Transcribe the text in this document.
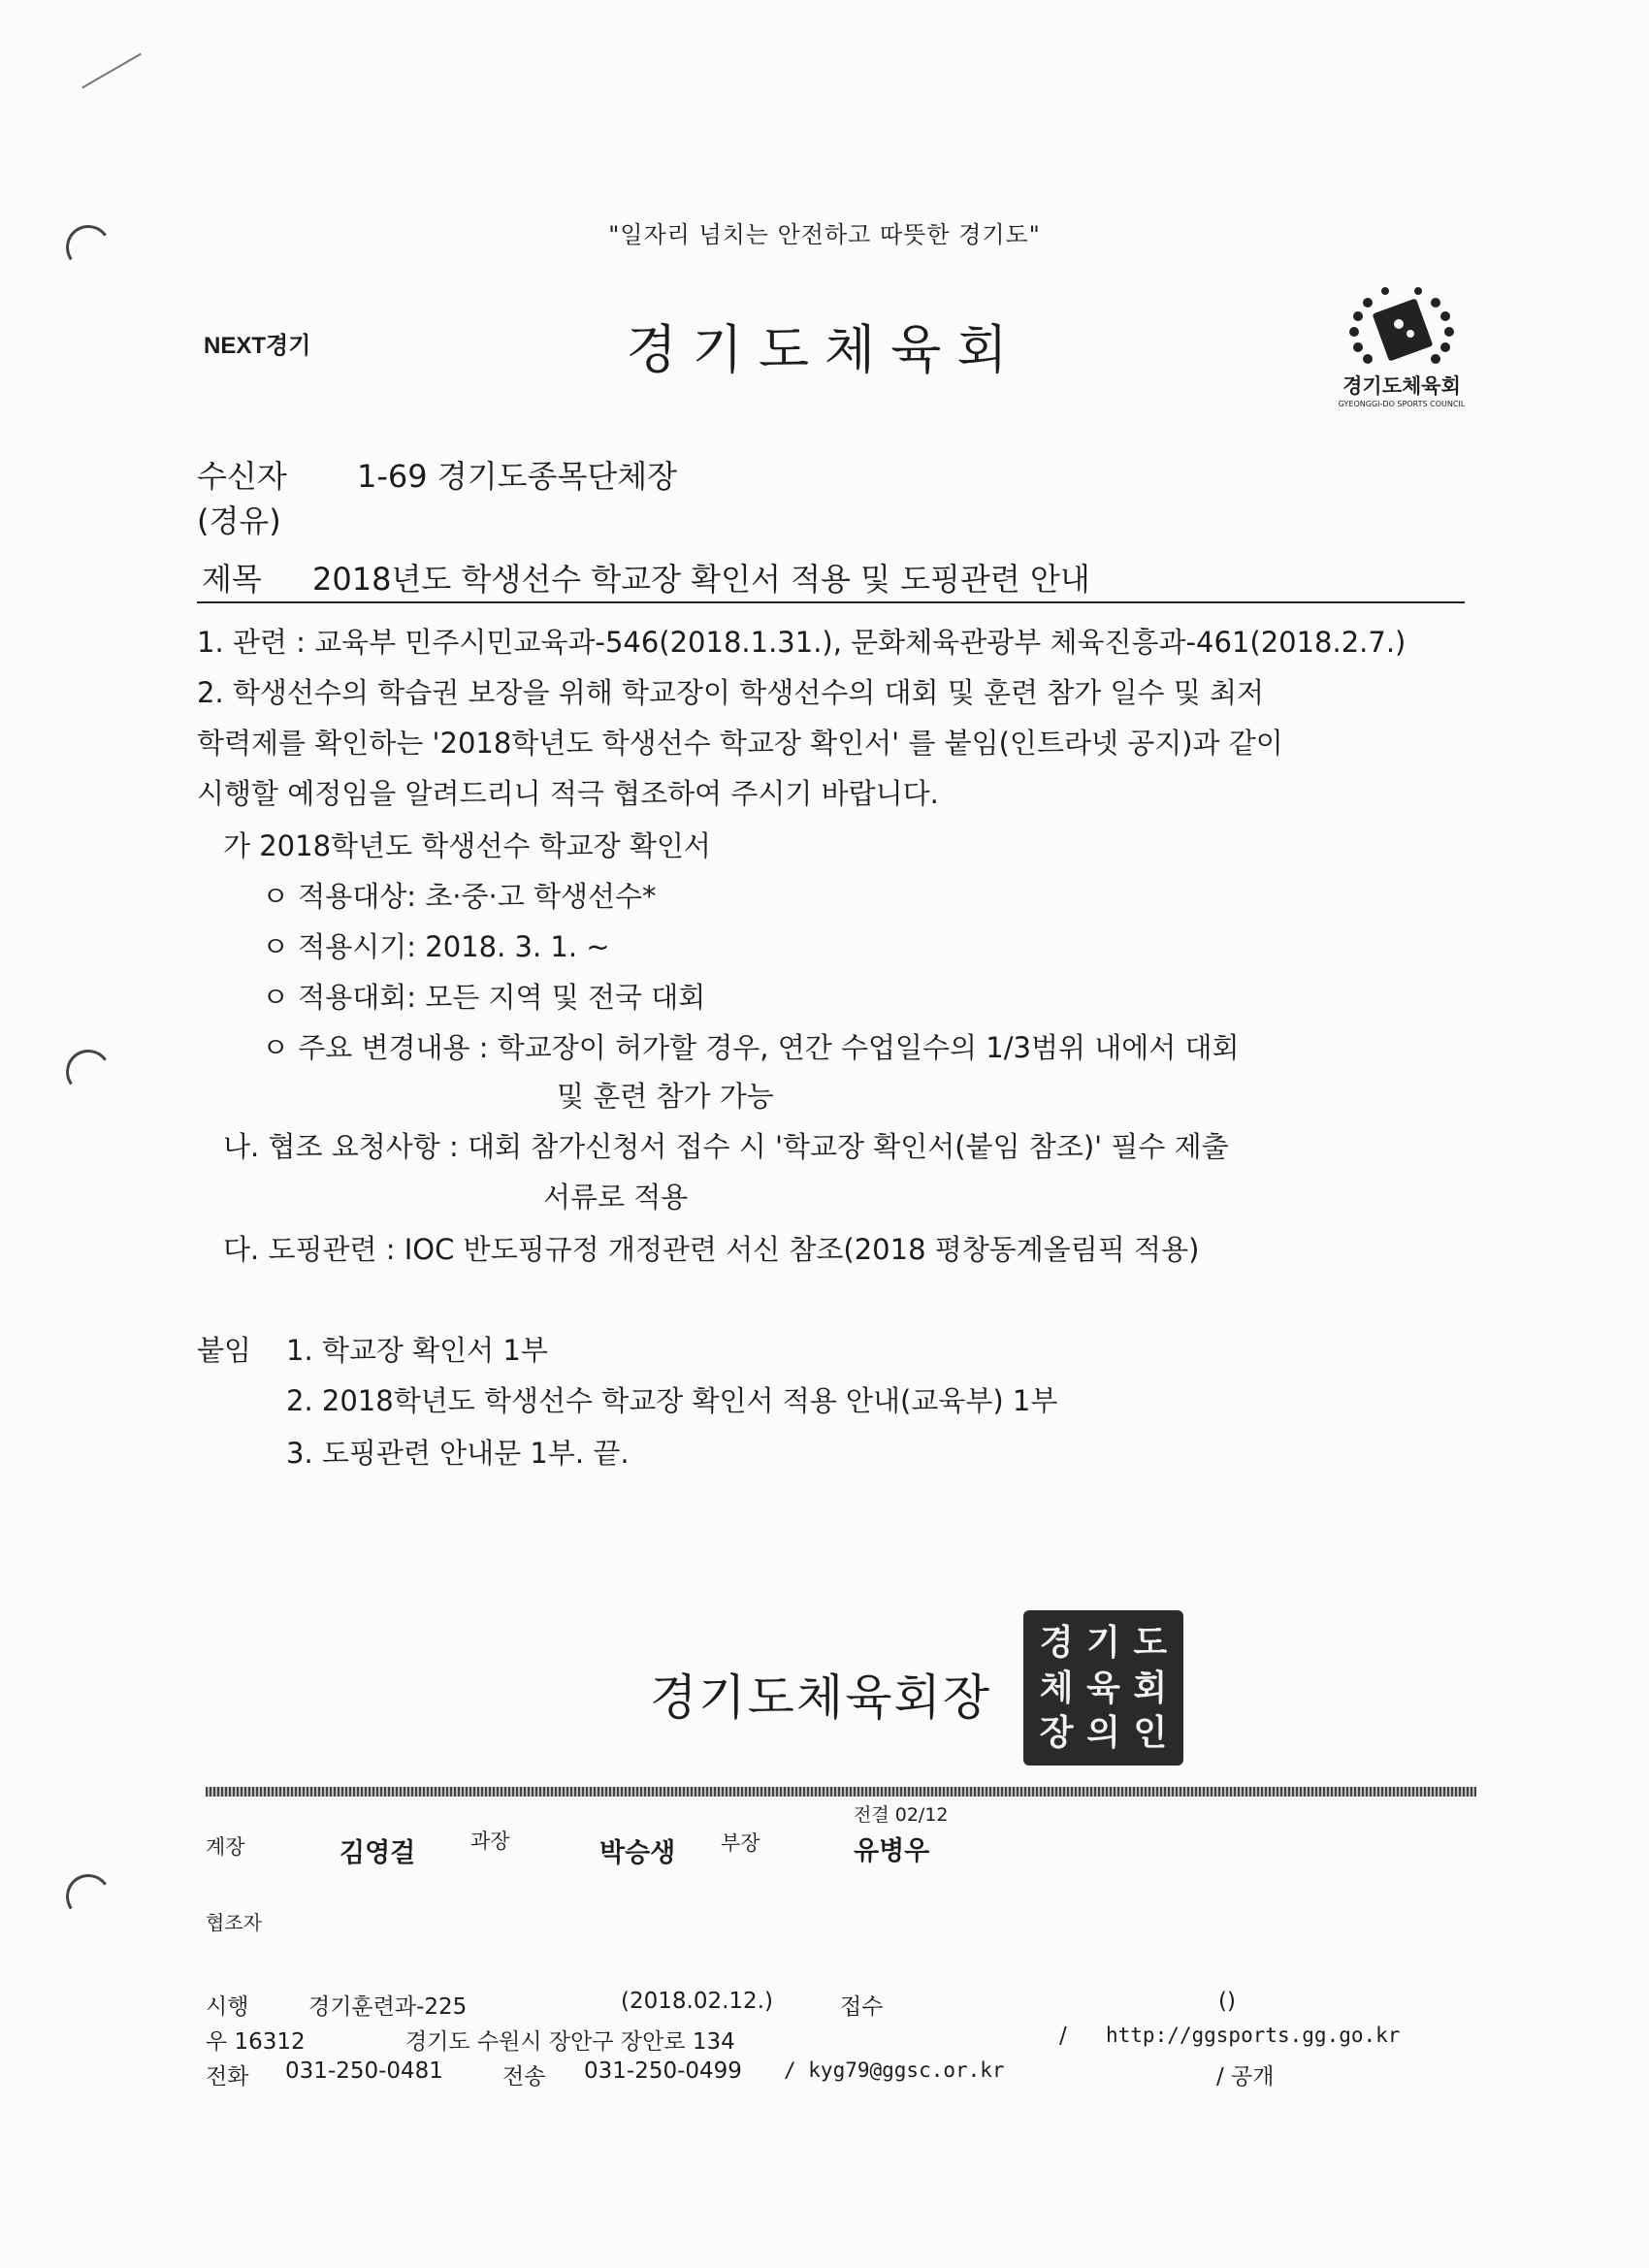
"일자리 넘치는 안전하고 따뜻한 경기도"
NEXT경기	경기도체육회
경기도체육회
GYEONGGI-DO SPORTS COUNCIL
수신자 1-69 경기도종목단체장
(경유)
제목 2018년도 학생선수 학교장 확인서 적용 및 도핑관련 안내
1. 관련 : 교육부 민주시민교육과-546(2018.1.31.), 문화체육관광부 체육진흥과-461(2018.2.7.)
2. 학생선수의 학습권 보장을 위해 학교장이 학생선수의 대회 및 훈련 참가 일수 및 최저
학력제를 확인하는 '2018학년도 학생선수 학교장 확인서' 를 붙임(인트라넷 공지)과 같이
시행할 예정임을 알려드리니 적극 협조하여 주시기 바랍니다.
가 2018학년도 학생선수 학교장 확인서
ㅇ 적용대상: 초·중·고 학생선수*
ㅇ 적용시기: 2018. 3. 1. ~
ㅇ 적용대회: 모든 지역 및 전국 대회
ㅇ 주요 변경내용 : 학교장이 허가할 경우, 연간 수업일수의 1/3범위 내에서 대회
및 훈련 참가 가능
나. 협조 요청사항 : 대회 참가신청서 접수 시 '학교장 확인서(붙임 참조)' 필수 제출
서류로 적용
다. 도핑관련 : IOC 반도핑규정 개정관련 서신 참조(2018 평창동계올림픽 적용)
붙임 1. 학교장 확인서 1부
2. 2018학년도 학생선수 학교장 확인서 적용 안내(교육부) 1부
3. 도핑관련 안내문 1부. 끝.
경기도체육회장
경 기 도
체 육 회
장 의 인
전결 02/12
계장	김영걸	과장	박승생 부장	유병우
협조자
시행	경기훈련과-225	(2018.02.12.)	접수	()
우 16312	경기도 수원시 장안구 장안로 134	/ http://ggsports.gg.go.kr
전화 031-250-0481	전송 031-250-0499 / kyg79@ggsc.or.kr	/ 공개
